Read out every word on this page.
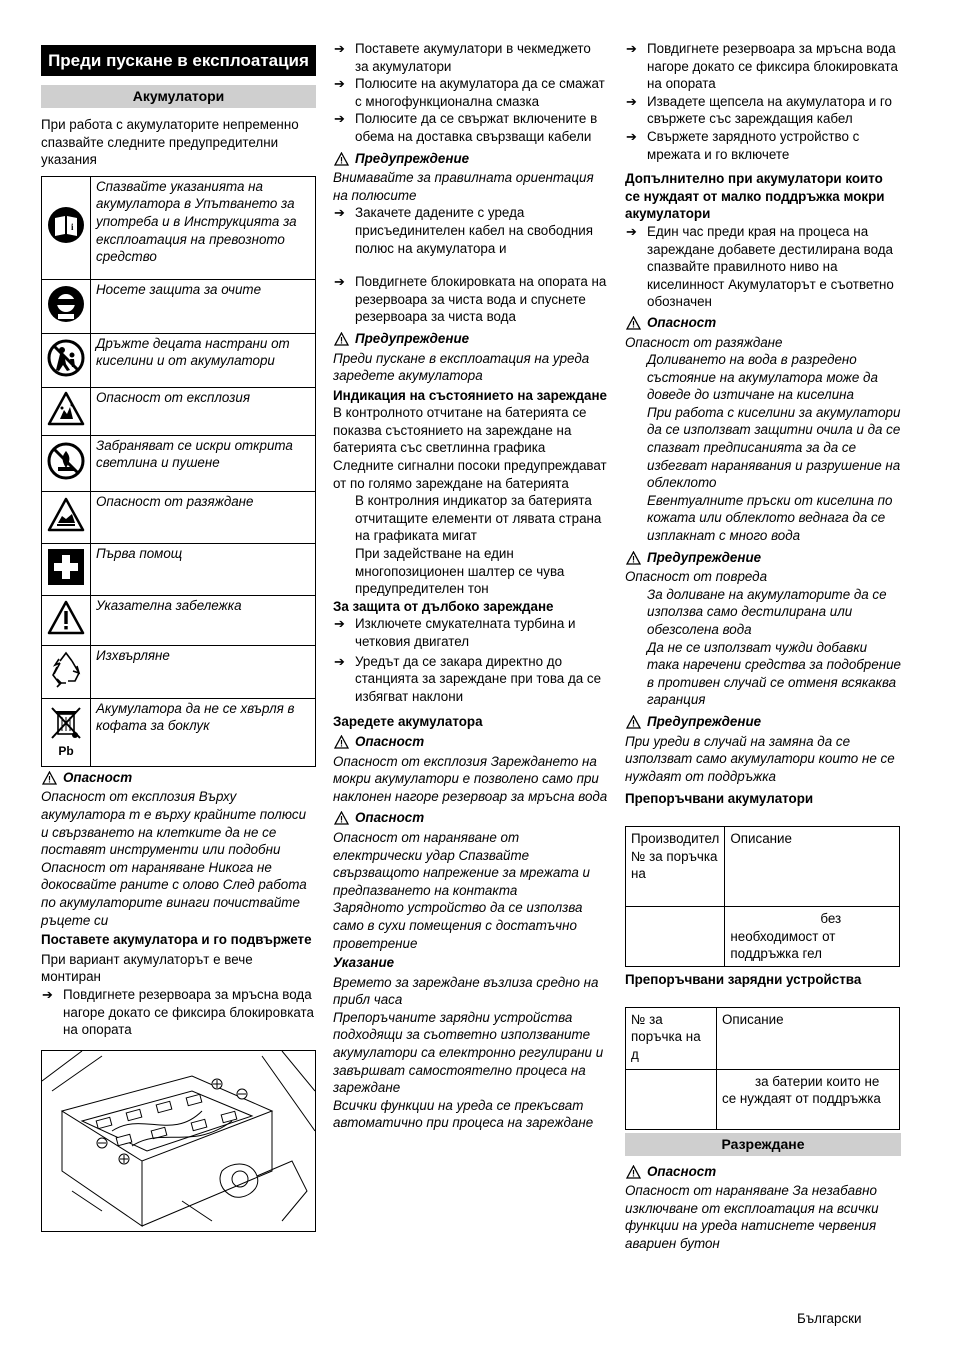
Преди пускане в експлоатация
Акумулатори

При работа с акумулаторите непременно спазвайте следните предупредителни указания

i	Спазвайте указанията на акумулатора в Упътването за употреба и в Инструкцията за експлоатация на превозното средство
	Носете защита за очите
	Дръжте децата настрани от киселини и от акумулатори
	Опасност от експлозия
	Забраняват се искри открита светлина и пушене
	Опасност от разяждане
	Първа помощ
	Указателна забележка
	Изхвърляне

Pb	Акумулатора да не се хвърля в кофата за боклук
Опасност

Опасност от експлозия Върху акумулатора т е върху крайните полюси и свързването на клетките да не се поставят инструменти или подобни

Опасност от нараняване Никога не докосвайте раните с олово След работа по акумулаторите винаги почиствайте ръцете си

Поставете акумулатора и го подвържете

При вариант акумулаторът е вече монтиран

➔ Повдигнете резервоара за мръсна вода нагоре докато се фиксира блокировката на опората

➔ Поставете акумулатори в чекмеджето за акумулатори

➔ Полюсите на акумулатора да се смажат с многофункционална смазка

➔ Полюсите да се свържат включените в обема на доставка свързващи кабели

Предупреждение

Внимавайте за правилната ориентация на полюсите

➔ Закачете дадените с уреда присъединителен кабел на свободния полюс на акумулатора и

➔ Повдигнете блокировката на опората на резервоара за чиста вода и спуснете резервоара за чиста вода

Предупреждение

Преди пускане в експлоатация на уреда заредете акумулатора

Индикация на състоянието на зареждане

В контролното отчитане на батерията се показва състоянието на зареждане на батерията със светлинна графика Следните сигнални посоки предупреждават от по голямо зареждане на батерията

В контролния индикатор за батерията отчитащите елементи от лявата страна на графиката мигат

При задействане на един многопозиционен шалтер се чува предупредителен тон

За защита от дълбоко зареждане

➔ Изключете смукателната турбина и четковия двигател

➔ Уредът да се закара директно до станцията за зареждане при това да се избягват наклони

Заредете акумулатора

Опасност

Опасност от експлозия Зареждането на мокри акумулатори е позволено само при наклонен нагоре резервоар за мръсна вода

Опасност

Опасност от нараняване от електрически удар Спазвайте свързващото напрежение за мрежата и предпазването на контакта

Зарядното устройство да се използва само в сухи помещения с достатъчно проветрение

Указание

Времето за зареждане възлиза средно на прибл часа

Препоръчаните зарядни устройства подходящи за съответно използваните акумулатори са електронно регулирани и завършват самостоятелно процеса на зареждане

Всички функции на уреда се прекъсват автоматично при процеса на зареждане

➔ Повдигнете резервоара за мръсна вода нагоре докато се фиксира блокировката на опората

➔ Извадете щепсела на акумулатора и го свържете със зареждащия кабел

➔ Свържете зарядното устройство с мрежата и го включете

Допълнително при акумулатори които се нуждаят от малко поддръжка мокри акумулатори

➔ Един час преди края на процеса на зареждане добавете дестилирана вода спазвайте правилното ниво на киселинност Акумулаторът е съответно обозначен

Опасност

Опасност от разяждане

Доливането на вода в разредено състояние на акумулатора може да доведе до изтичане на киселина

При работа с киселини за акумулатори да се използват защитни очила и да се спазват предписанията за да се избегват наранявания и разрушение на облеклото

Евентуалните пръски от киселина по кожата или облеклото веднага да се изплакнат с много вода

Предупреждение

Опасност от повреда

За доливане на акумулаторите да се използва само дестилирана или обезсолена вода

Да не се използват чужди добавки така наречени средства за подобрение в противен случай се отменя всякаква гаранция

Предупреждение

При уреди в случай на замяна да се използват само акумулатори които не се нуждаят от поддръжка

Препоръчвани акумулатори

Производител № за поръчка на	Описание
	без необходимост от поддръжка гел

Препоръчвани зарядни устройства

№ за поръчка на д	Описание
	за батерии които не се нуждаят от поддръжка
Разреждане
Опасност

Опасност от нараняване За незабавно изключване от експлоатация на всички функции на уреда натиснете червения авариен бутон

Български
